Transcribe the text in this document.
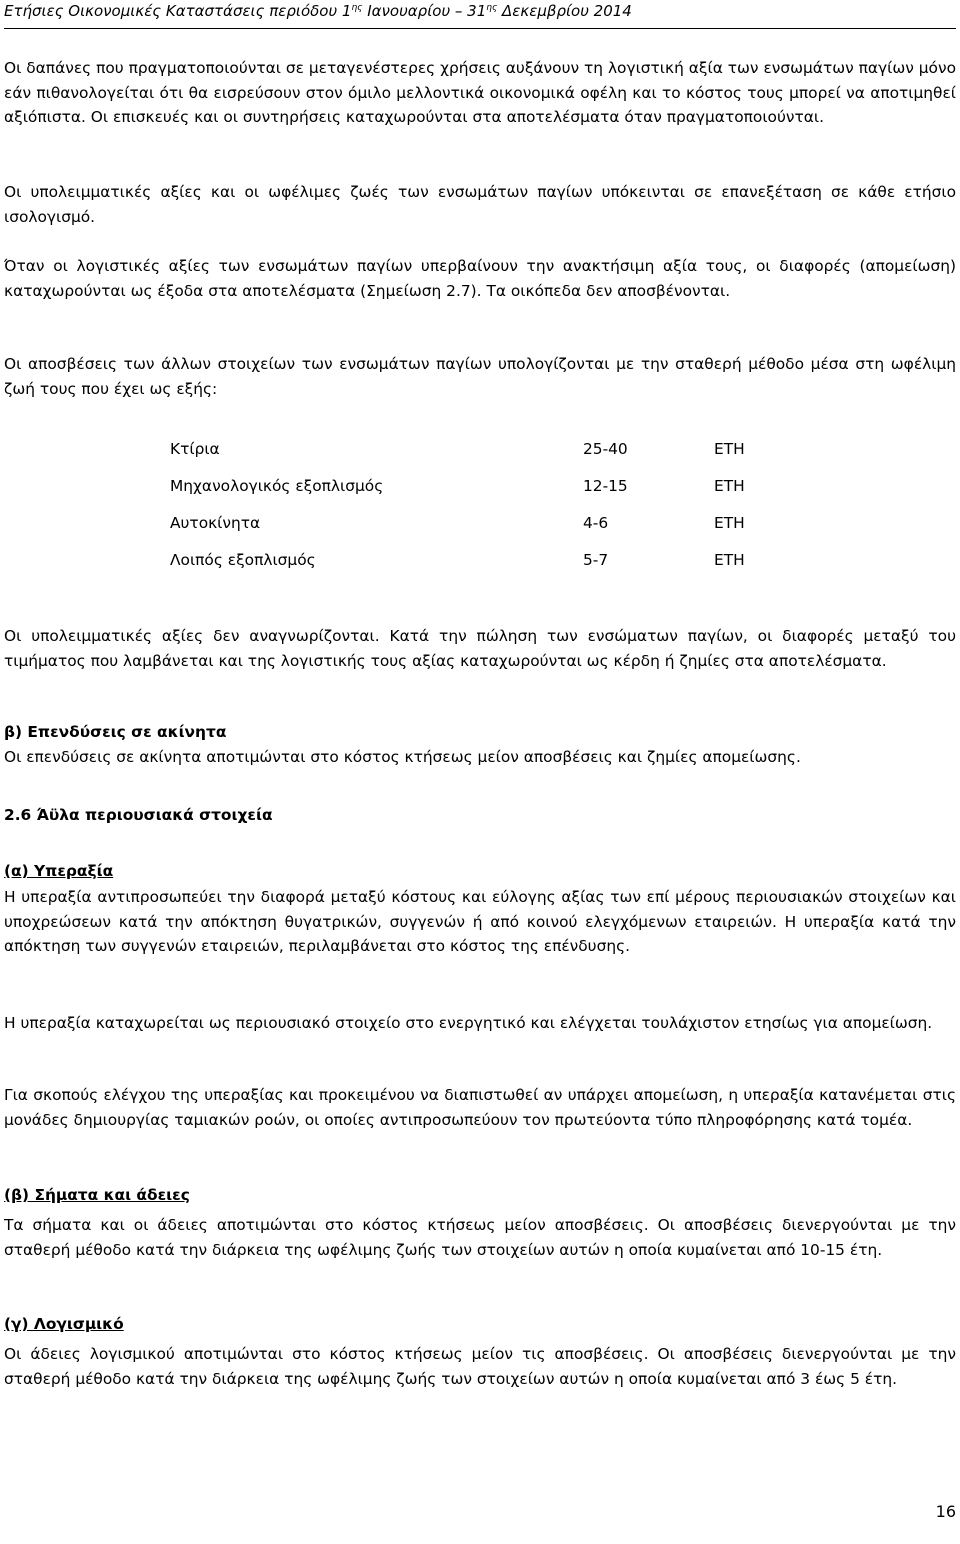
Ετήσιες Οικονομικές Καταστάσεις περιόδου $1^{\eta\varsigma}$ Ιανουαρίου – $31^{\eta\varsigma}$ Δεκεμβρίου 2014

Οι δαπάνες που πραγματοποιούνται σε μεταγενέστερες χρήσεις αυξάνουν τη λογιστική αξία των ενσωμάτων παγίων μόνο εάν πιθανολογείται ότι θα εισρεύσουν στον όμιλο μελλοντικά οικονομικά οφέλη και το κόστος τους μπορεί να αποτιμηθεί αξιόπιστα. Οι επισκευές και οι συντηρήσεις καταχωρούνται στα αποτελέσματα όταν πραγματοποιούνται.

Οι υπολειμματικές αξίες και οι ωφέλιμες ζωές των ενσωμάτων παγίων υπόκεινται σε επανεξέταση σε κάθε ετήσιο ισολογισμό.

Όταν οι λογιστικές αξίες των ενσωμάτων παγίων υπερβαίνουν την ανακτήσιμη αξία τους, οι διαφορές (απομείωση) καταχωρούνται ως έξοδα στα αποτελέσματα (Σημείωση 2.7). Τα οικόπεδα δεν αποσβένονται.

Οι αποσβέσεις των άλλων στοιχείων των ενσωμάτων παγίων υπολογίζονται με την σταθερή μέθοδο μέσα στη ωφέλιμη ζωή τους που έχει ως εξής:

Κτίρια	25-40	ΕΤΗ
Μηχανολογικός εξοπλισμός	12-15	ΕΤΗ
Αυτοκίνητα	4-6	ΕΤΗ
Λοιπός εξοπλισμός	5-7	ΕΤΗ

Οι υπολειμματικές αξίες δεν αναγνωρίζονται. Κατά την πώληση των ενσώματων παγίων, οι διαφορές μεταξύ του τιμήματος που λαμβάνεται και της λογιστικής τους αξίας καταχωρούνται ως κέρδη ή ζημίες στα αποτελέσματα.

β) Επενδύσεις σε ακίνητα

Οι επενδύσεις σε ακίνητα αποτιμώνται στο κόστος κτήσεως μείον αποσβέσεις και ζημίες απομείωσης.

2.6 Άϋλα περιουσιακά στοιχεία

(α) Υπεραξία

Η υπεραξία αντιπροσωπεύει την διαφορά μεταξύ κόστους και εύλογης αξίας των επί μέρους περιουσιακών στοιχείων και υποχρεώσεων κατά την απόκτηση θυγατρικών, συγγενών ή από κοινού ελεγχόμενων εταιρειών. Η υπεραξία κατά την απόκτηση των συγγενών εταιρειών, περιλαμβάνεται στο κόστος της επένδυσης.

Η υπεραξία καταχωρείται ως περιουσιακό στοιχείο στο ενεργητικό και ελέγχεται τουλάχιστον ετησίως για απομείωση.

Για σκοπούς ελέγχου της υπεραξίας και προκειμένου να διαπιστωθεί αν υπάρχει απομείωση, η υπεραξία κατανέμεται στις μονάδες δημιουργίας ταμιακών ροών, οι οποίες αντιπροσωπεύουν τον πρωτεύοντα τύπο πληροφόρησης κατά τομέα.

(β) Σήματα και άδειες

Τα σήματα και οι άδειες αποτιμώνται στο κόστος κτήσεως μείον αποσβέσεις. Οι αποσβέσεις διενεργούνται με την σταθερή μέθοδο κατά την διάρκεια της ωφέλιμης ζωής των στοιχείων αυτών η οποία κυμαίνεται από 10-15 έτη.

(γ) Λογισμικό

Οι άδειες λογισμικού αποτιμώνται στο κόστος κτήσεως μείον τις αποσβέσεις. Οι αποσβέσεις διενεργούνται με την σταθερή μέθοδο κατά την διάρκεια της ωφέλιμης ζωής των στοιχείων αυτών η οποία κυμαίνεται από 3 έως 5 έτη.

16
